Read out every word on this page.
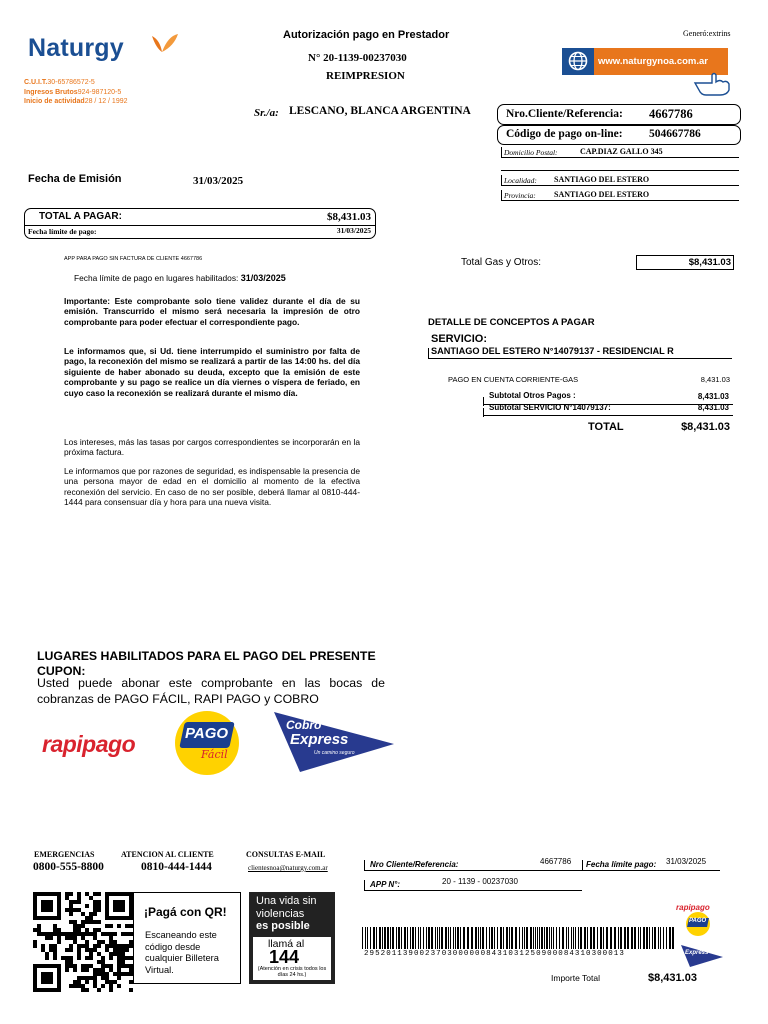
Naturgy
C.U.I.T.30-65786572-5
Ingresos Brutos924-987120-5
Inicio de actividad28 / 12 / 1992
Autorización pago en Prestador
N° 20-1139-00237030
REIMPRESION
Generó:extrins
www.naturgynoa.com.ar
Sr./a: LESCANO, BLANCA ARGENTINA	Nro.Cliente/Referencia: 4667786
Código de pago on-line: 504667786
Domicilio Postal:	CAP.DIAZ GALLO 345
Localidad: SANTIAGO DEL ESTERO
Provincia: SANTIAGO DEL ESTERO
Fecha de Emisión	31/03/2025
TOTAL A PAGAR:	$8,431.03
Fecha límite de pago:	31/03/2025
APP PARA PAGO SIN FACTURA DE CLIENTE 4667786
Fecha límite de pago en lugares habilitados: 31/03/2025
Importante: Este comprobante solo tiene validez durante el día de su emisión. Transcurrido el mismo será necesaria la impresión de otro comprobante para poder efectuar el correspondiente pago.
Le informamos que, si Ud. tiene interrumpido el suministro por falta de pago, la reconexión del mismo se realizará a partir de las 14:00 hs. del día siguiente de haber abonado su deuda, excepto que la emisión de este comprobante y su pago se realice un día viernes o víspera de feriado, en cuyo caso la reconexión se realizará durante el mismo día.
Los intereses, más las tasas por cargos correspondientes se incorporarán en la próxima factura.
Le informamos que por razones de seguridad, es indispensable la presencia de una persona mayor de edad en el domicilio al momento de la efectiva reconexión del servicio. En caso de no ser posible, deberá llamar al 0810-444-1444 para consensuar día y hora para una nueva visita.
Total Gas y Otros:	$8,431.03
DETALLE DE CONCEPTOS A PAGAR
SERVICIO:
SANTIAGO DEL ESTERO N°14079137 - RESIDENCIAL R
PAGO EN CUENTA CORRIENTE-GAS	8,431.03
Subtotal Otros Pagos :	8,431.03
Subtotal SERVICIO N°14079137:	8,431.03
TOTAL	$8,431.03
LUGARES HABILITADOS PARA EL PAGO DEL PRESENTE CUPON:
Usted puede abonar este comprobante en las bocas de cobranzas de PAGO FÁCIL, RAPI PAGO y COBRO
rapipago	PAGO
Fácil
Cobro
Express
Un camino seguro
EMERGENCIAS
0800-555-8800
ATENCION AL CLIENTE
0810-444-1444
CONSULTAS E-MAIL
clientesnoa@naturgy.com.ar	Nro Cliente/Referencia:	4667786 Fecha límite pago: 31/03/2025
APP N°:	20 - 1139 - 00237030
¡Pagá con QR!
Escaneando este código desde cualquier Billetera Virtual.
Una vida sin
violencias
es posible
llamá al
144
(Atención en crisis todos los días 24 hs.)
29520113900237030000008431031250900084310300013
Importe Total	$8,431.03
rapipago
PAGO
Express
